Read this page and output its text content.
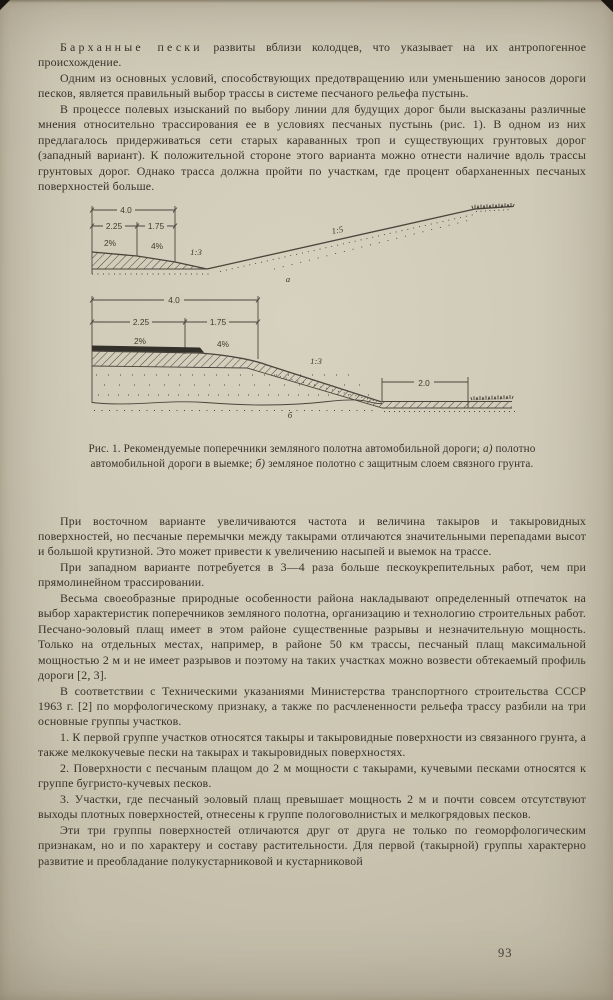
Барханные пески развиты вблизи колодцев, что указывает на их антропогенное происхождение.

Одним из основных условий, способствующих предотвращению или уменьшению заносов дороги песков, является правильный выбор трассы в системе песчаного рельефа пустынь.

В процессе полевых изысканий по выбору линии для будущих дорог были высказаны различные мнения относительно трассирования ее в условиях песчаных пустынь (рис. 1). В одном из них предлагалось придерживаться сети старых караванных троп и существующих грунтовых дорог (западный вариант). К положительной стороне этого варианта можно отнести наличие вдоль трассы грунтовых дорог. Однако трасса должна пройти по участкам, где процент обарханенных песчаных поверхностей больше.

4.0
2.25	1.75
2%	4%
1:3
1:5
а
4.0
2.25	1.75
2%	4%
1:3
2.0
б

Рис. 1. Рекомендуемые поперечники земляного полотна автомобильной дороги; а) полотно автомобильной дороги в выемке; б) земляное полотно с защитным слоем связного грунта.

При восточном варианте увеличиваются частота и величина такыров и такыровидных поверхностей, но песчаные перемычки между такырами отличаются значительными перепадами высот и большой крутизной. Это может привести к увеличению насыпей и выемок на трассе.

При западном варианте потребуется в 3—4 раза больше пескоукрепительных работ, чем при прямолинейном трассировании.

Весьма своеобразные природные особенности района накладывают определенный отпечаток на выбор характеристик поперечников земляного полотна, организацию и технологию строительных работ. Песчано-эоловый плащ имеет в этом районе существенные разрывы и незначительную мощность. Только на отдельных местах, например, в районе 50 км трассы, песчаный плащ максимальной мощностью 2 м и не имеет разрывов и поэтому на таких участках можно возвести обтекаемый профиль дороги [2, 3].

В соответствии с Техническими указаниями Министерства транспортного строительства СССР 1963 г. [2] по морфологическому признаку, а также по расчлененности рельефа трассу разбили на три основные группы участков.

1. К первой группе участков относятся такыры и такыровидные поверхности из связанного грунта, а также мелкокучевые пески на такырах и такыровидных поверхностях.

2. Поверхности с песчаным плащом до 2 м мощности с такырами, кучевыми песками относятся к группе бугристо-кучевых песков.

3. Участки, где песчаный эоловый плащ превышает мощность 2 м и почти совсем отсутствуют выходы плотных поверхностей, отнесены к группе пологоволнистых и мелкогрядовых песков.

Эти три группы поверхностей отличаются друг от друга не только по геоморфологическим признакам, но и по характеру и составу растительности. Для первой (такырной) группы характерно развитие и преобладание полукустарниковой и кустарниковой

93
